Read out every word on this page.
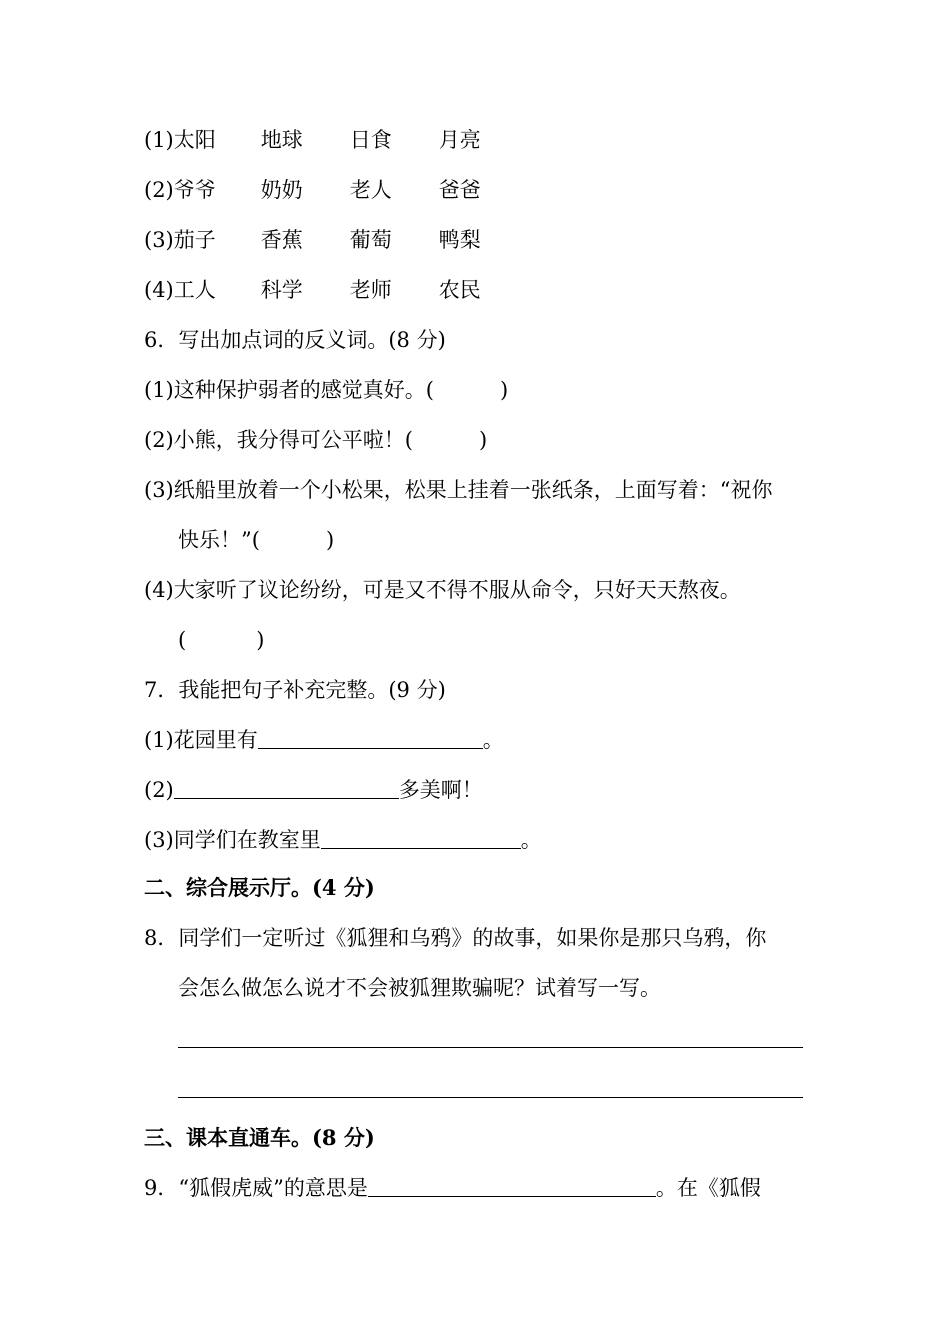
(1)太阳 地球 日食 月亮
(2)爷爷 奶奶 老人 爸爸
(3)茄子 香蕉 葡萄 鸭梨
(4)工人 科学 老师 农民
6．写出加点词的反义词。(8 分)
(1)这种保护弱者的感觉真好。(	)
(2)小熊，我分得可公平啦！(	)
(3)纸船里放着一个小松果，松果上挂着一张纸条，上面写着：“祝你
快乐！”(	)
(4)大家听了议论纷纷，可是又不得不服从命令，只好天天熬夜。
(	)
7．我能把句子补充完整。(9 分)
(1)花园里有	。
(2)	多美啊！
(3)同学们在教室里	。
二、综合展示厅。(4 分)
8．同学们一定听过《狐狸和乌鸦》的故事，如果你是那只乌鸦，你
会怎么做怎么说才不会被狐狸欺骗呢？试着写一写。
三、课本直通车。(8 分)
9．“狐假虎威”的意思是	。在《狐假
